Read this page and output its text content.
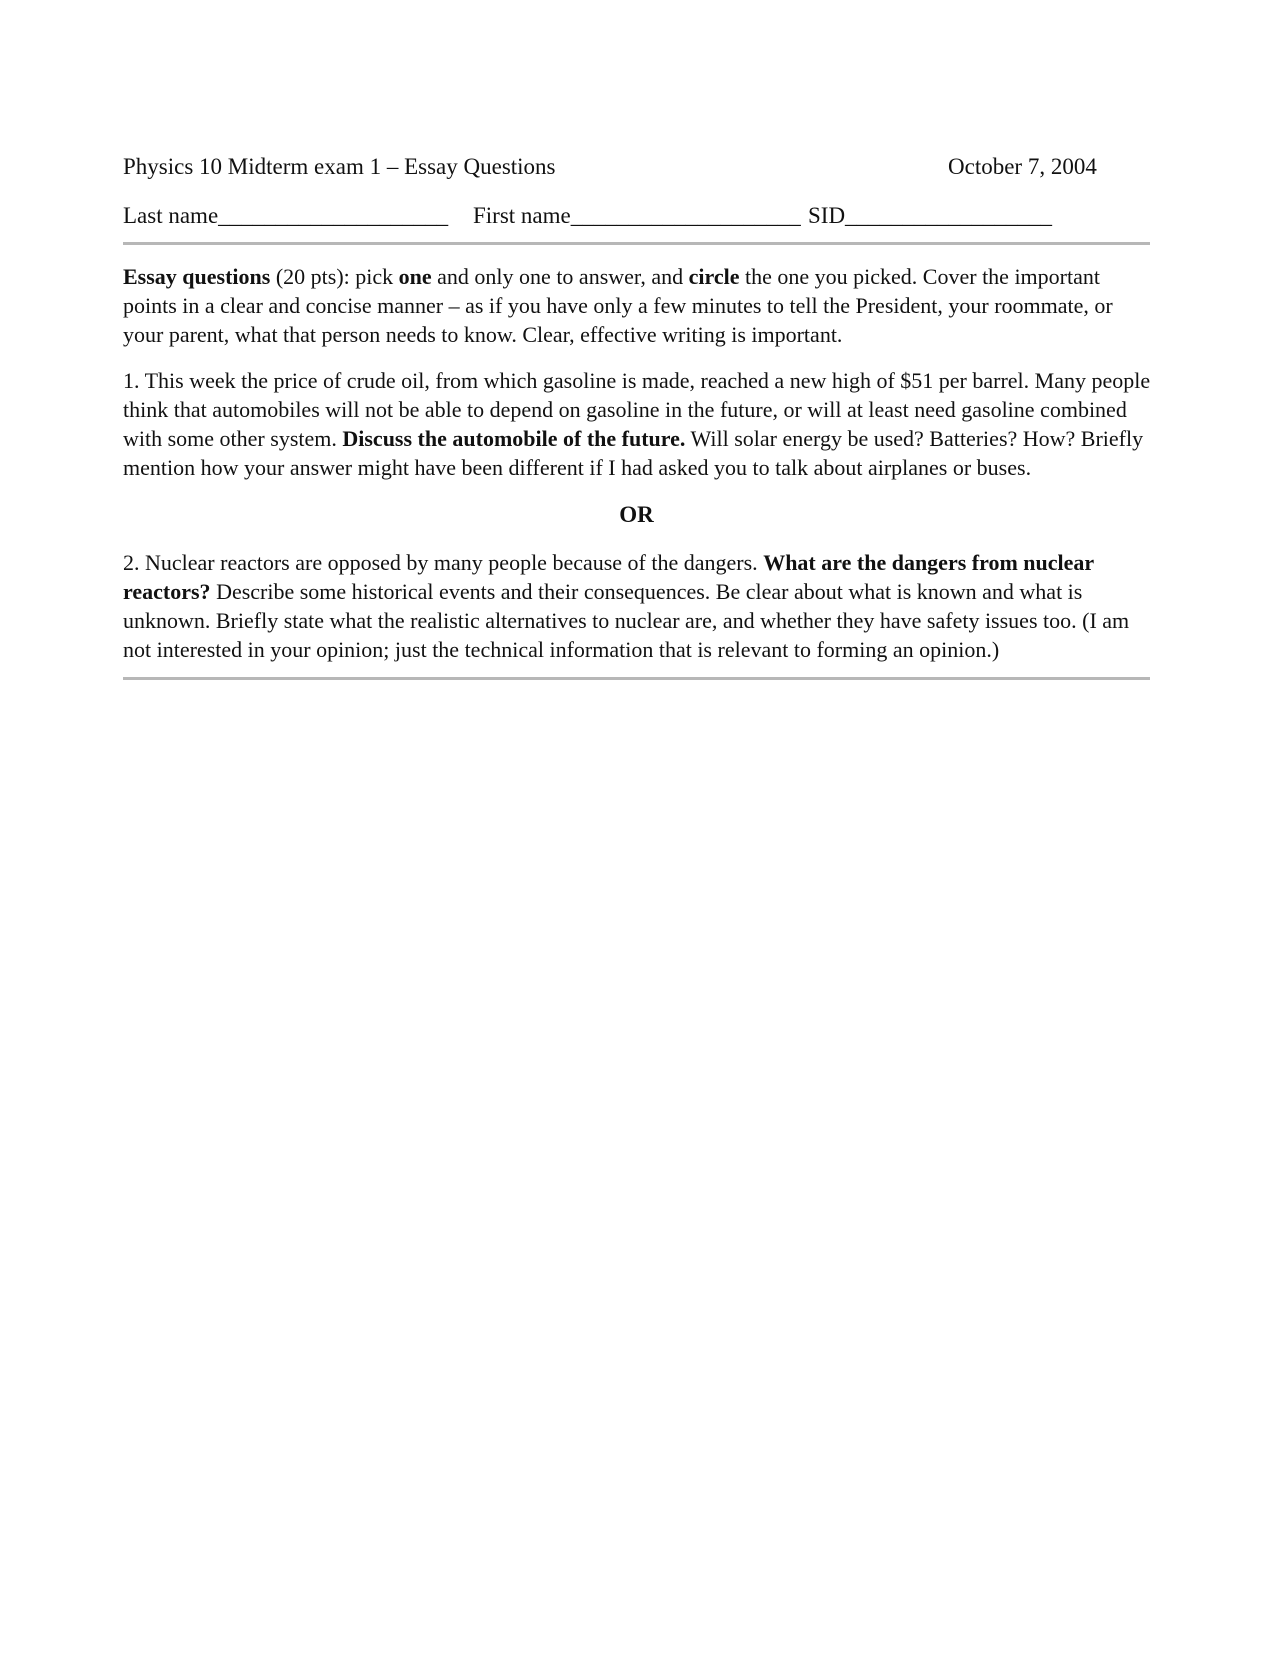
Physics 10 Midterm exam 1 – Essay Questions	October 7, 2004
Last name____________________ First name____________________ SID__________________

Essay questions (20 pts): pick one and only one to answer, and circle the one you picked. Cover the important points in a clear and concise manner – as if you have only a few minutes to tell the President, your roommate, or your parent, what that person needs to know. Clear, effective writing is important.

1. This week the price of crude oil, from which gasoline is made, reached a new high of $51 per barrel. Many people think that automobiles will not be able to depend on gasoline in the future, or will at least need gasoline combined with some other system. Discuss the automobile of the future. Will solar energy be used? Batteries? How? Briefly mention how your answer might have been different if I had asked you to talk about airplanes or buses.

OR

2. Nuclear reactors are opposed by many people because of the dangers. What are the dangers from nuclear reactors? Describe some historical events and their consequences. Be clear about what is known and what is unknown. Briefly state what the realistic alternatives to nuclear are, and whether they have safety issues too. (I am not interested in your opinion; just the technical information that is relevant to forming an opinion.)
